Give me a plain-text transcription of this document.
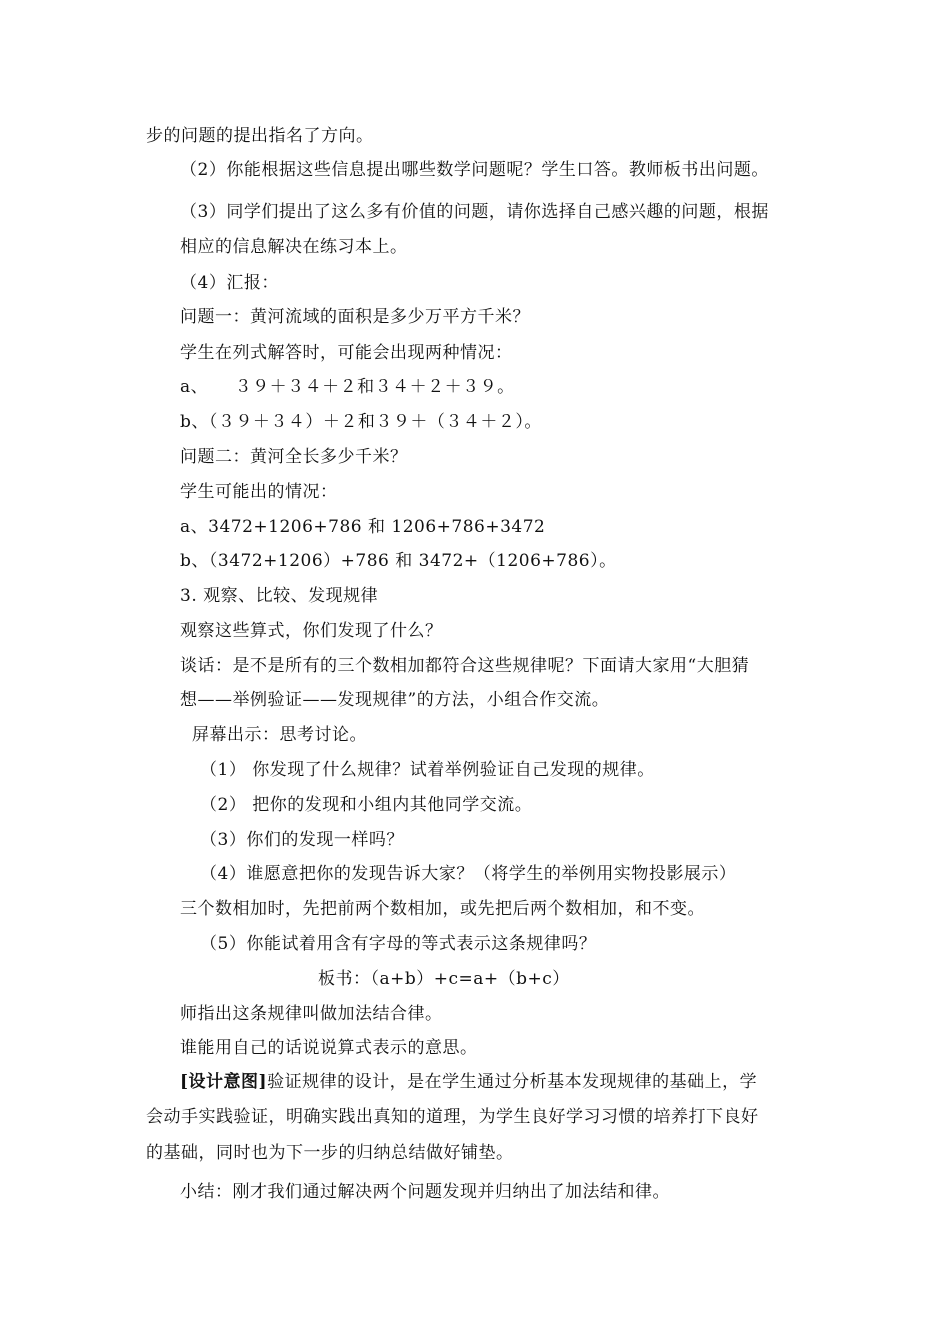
步的问题的提出指名了方向。
（2）你能根据这些信息提出哪些数学问题呢？学生口答。教师板书出问题。
（3）同学们提出了这么多有价值的问题，请你选择自己感兴趣的问题，根据
相应的信息解决在练习本上。
（4）汇报：
问题一：黄河流域的面积是多少万平方千米？
学生在列式解答时，可能会出现两种情况：
a、　　３９＋３４＋２和３４＋２＋３９。
b、（３９＋３４）＋２和３９＋（３４＋２）。
问题二：黄河全长多少千米？
学生可能出的情况：
a、3472+1206+786 和 1206+786+3472
b、（3472+1206）+786 和 3472+（1206+786）。
3. 观察、比较、发现规律
观察这些算式，你们发现了什么？
谈话：是不是所有的三个数相加都符合这些规律呢？下面请大家用“大胆猜
想——举例验证——发现规律”的方法，小组合作交流。
屏幕出示：思考讨论。
（1） 你发现了什么规律？试着举例验证自己发现的规律。
（2） 把你的发现和小组内其他同学交流。
（3）你们的发现一样吗？
（4）谁愿意把你的发现告诉大家？（将学生的举例用实物投影展示）
三个数相加时，先把前两个数相加，或先把后两个数相加，和不变。
（5）你能试着用含有字母的等式表示这条规律吗？
板书：（a+b）+c=a+（b+c）
师指出这条规律叫做加法结合律。
谁能用自己的话说说算式表示的意思。
[设计意图]验证规律的设计，是在学生通过分析基本发现规律的基础上，学
会动手实践验证，明确实践出真知的道理，为学生良好学习习惯的培养打下良好
的基础，同时也为下一步的归纳总结做好铺垫。
小结：刚才我们通过解决两个问题发现并归纳出了加法结和律。
